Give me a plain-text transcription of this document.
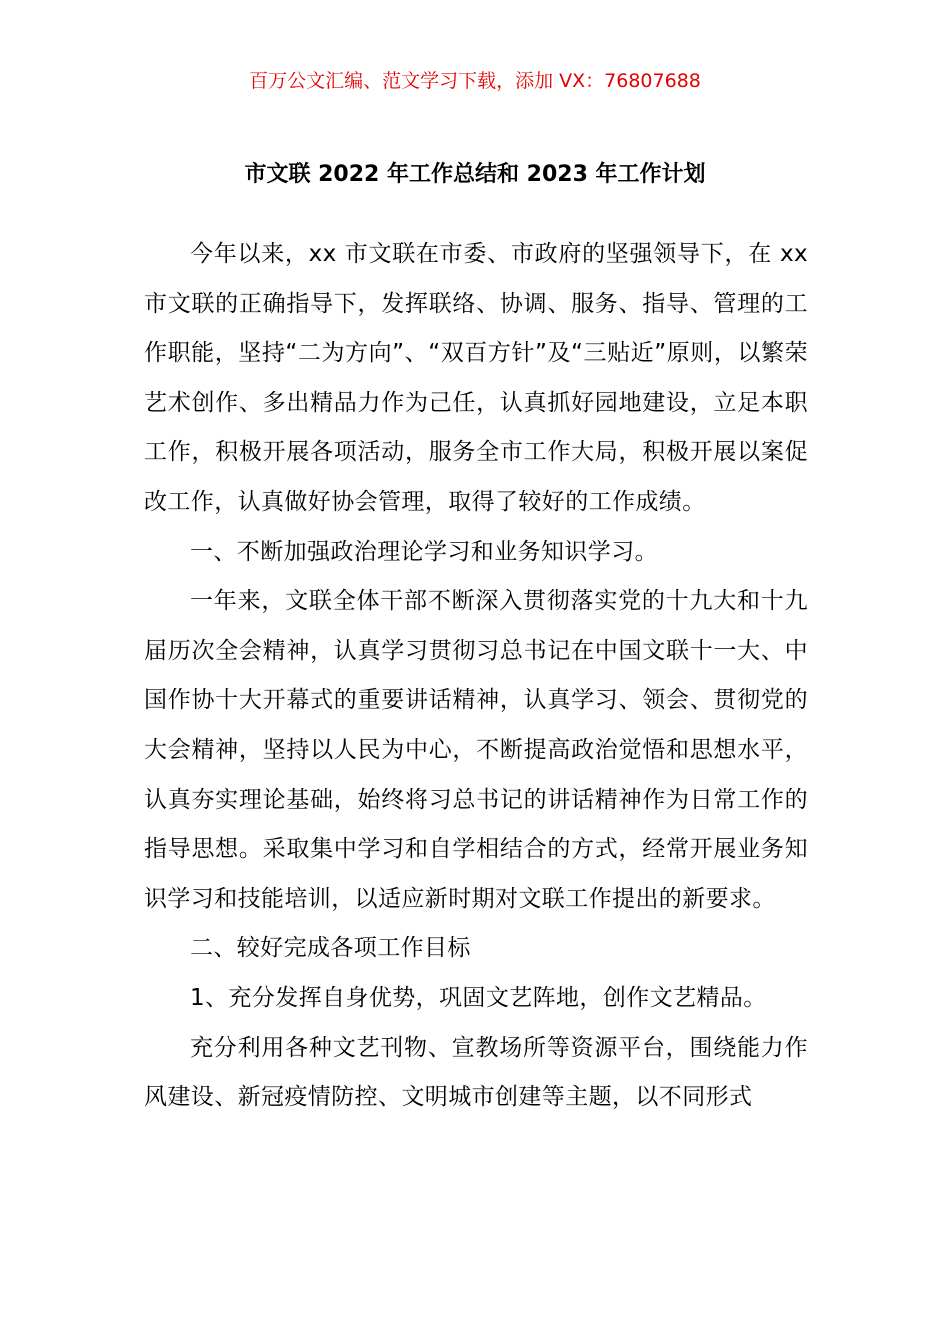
百万公文汇编、范文学习下载，添加 VX：76807688
市文联 2022 年工作总结和 2023 年工作计划

今年以来，xx 市文联在市委、市政府的坚强领导下，在 xx 市文联的正确指导下，发挥联络、协调、服务、指导、管理的工作职能，坚持“二为方向”、“双百方针”及“三贴近”原则，以繁荣艺术创作、多出精品力作为己任，认真抓好园地建设，立足本职工作，积极开展各项活动，服务全市工作大局，积极开展以案促改工作，认真做好协会管理，取得了较好的工作成绩。

一、不断加强政治理论学习和业务知识学习。

一年来，文联全体干部不断深入贯彻落实党的十九大和十九届历次全会精神，认真学习贯彻习总书记在中国文联十一大、中国作协十大开幕式的重要讲话精神，认真学习、领会、贯彻党的大会精神，坚持以人民为中心，不断提高政治觉悟和思想水平，认真夯实理论基础，始终将习总书记的讲话精神作为日常工作的指导思想。采取集中学习和自学相结合的方式，经常开展业务知识学习和技能培训，以适应新时期对文联工作提出的新要求。

二、较好完成各项工作目标

1、充分发挥自身优势，巩固文艺阵地，创作文艺精品。

充分利用各种文艺刊物、宣教场所等资源平台，围绕能力作风建设、新冠疫情防控、文明城市创建等主题，以不同形式
